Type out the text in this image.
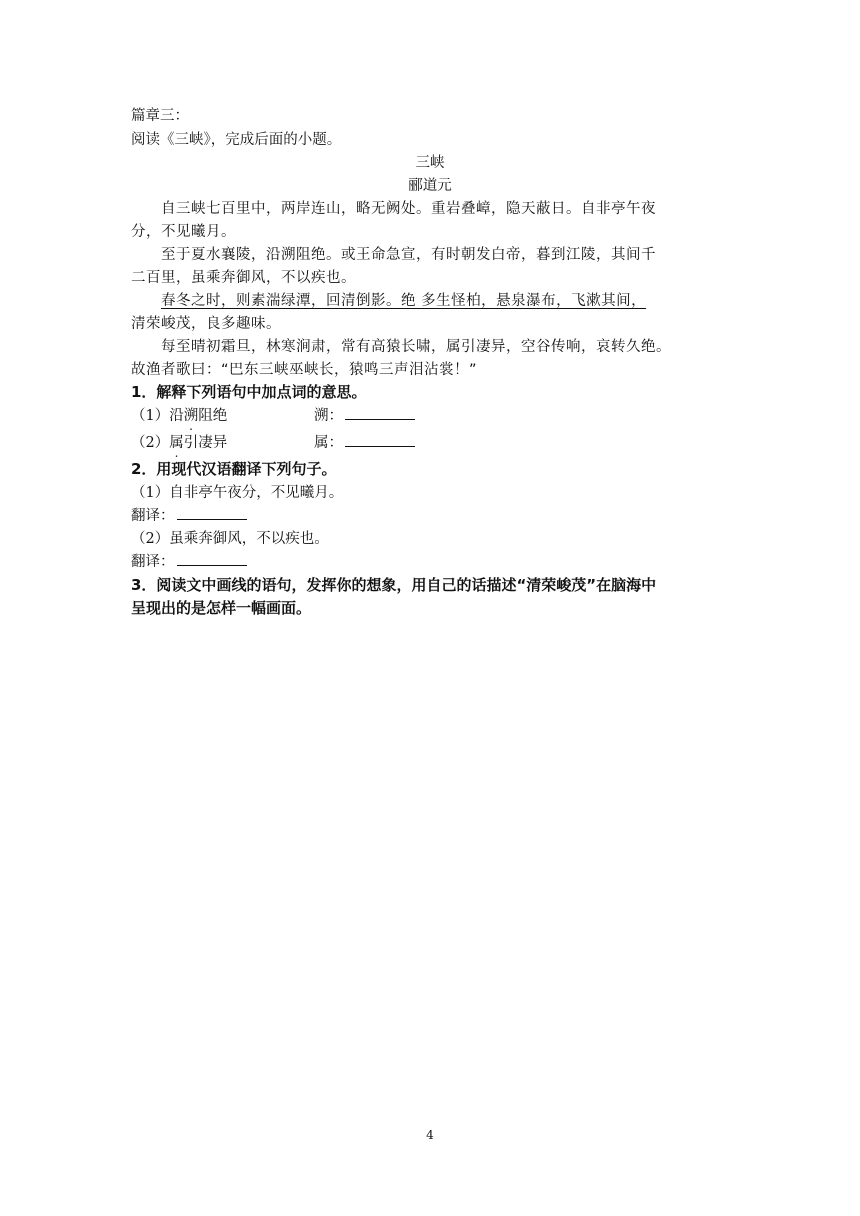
篇章三：
阅读《三峡》，完成后面的小题。
三峡
郦道元
自三峡七百里中，两岸连山，略无阙处。重岩叠嶂，隐天蔽日。自非亭午夜
分，不见曦月。
至于夏水襄陵，沿溯阻绝。或王命急宣，有时朝发白帝，暮到江陵，其间千
二百里，虽乘奔御风，不以疾也。
春冬之时，则素湍绿潭，回清倒影。绝 多生怪柏，悬泉瀑布，飞漱其间，
清荣峻茂，良多趣味。
每至晴初霜旦，林寒涧肃，常有高猿长啸，属引凄异，空谷传响，哀转久绝。
故渔者歌曰：“巴东三峡巫峡长，猿鸣三声泪沾裳！”
1．解释下列语句中加点词的意思。
（1）沿溯阻绝	溯：
（2）属引凄异	属：
2．用现代汉语翻译下列句子。
（1）自非亭午夜分，不见曦月。
翻译：
（2）虽乘奔御风，不以疾也。
翻译：
3．阅读文中画线的语句，发挥你的想象，用自己的话描述“清荣峻茂”在脑海中
呈现出的是怎样一幅画面。
4
